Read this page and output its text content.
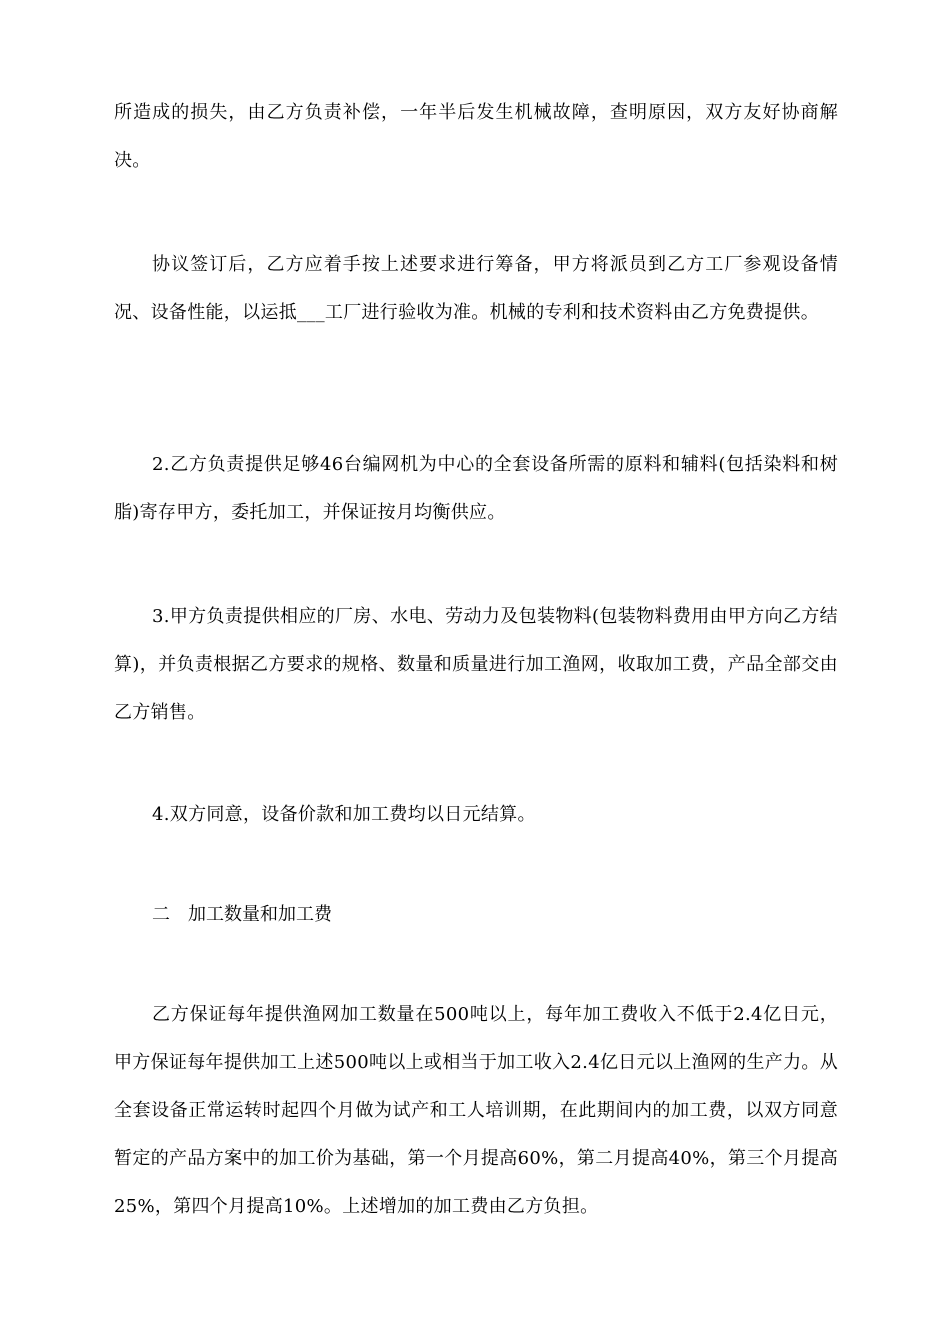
所造成的损失，由乙方负责补偿，一年半后发生机械故障，查明原因，双方友好协商解决。

协议签订后，乙方应着手按上述要求进行筹备，甲方将派员到乙方工厂参观设备情况、设备性能，以运抵___工厂进行验收为准。机械的专利和技术资料由乙方免费提供。

2.乙方负责提供足够46台编网机为中心的全套设备所需的原料和辅料(包括染料和树脂)寄存甲方，委托加工，并保证按月均衡供应。

3.甲方负责提供相应的厂房、水电、劳动力及包装物料(包装物料费用由甲方向乙方结算)，并负责根据乙方要求的规格、数量和质量进行加工渔网，收取加工费，产品全部交由乙方销售。

4.双方同意，设备价款和加工费均以日元结算。

二　加工数量和加工费

乙方保证每年提供渔网加工数量在500吨以上，每年加工费收入不低于2.4亿日元，甲方保证每年提供加工上述500吨以上或相当于加工收入2.4亿日元以上渔网的生产力。从全套设备正常运转时起四个月做为试产和工人培训期，在此期间内的加工费，以双方同意暂定的产品方案中的加工价为基础，第一个月提高60%，第二月提高40%，第三个月提高25%，第四个月提高10%。上述增加的加工费由乙方负担。
